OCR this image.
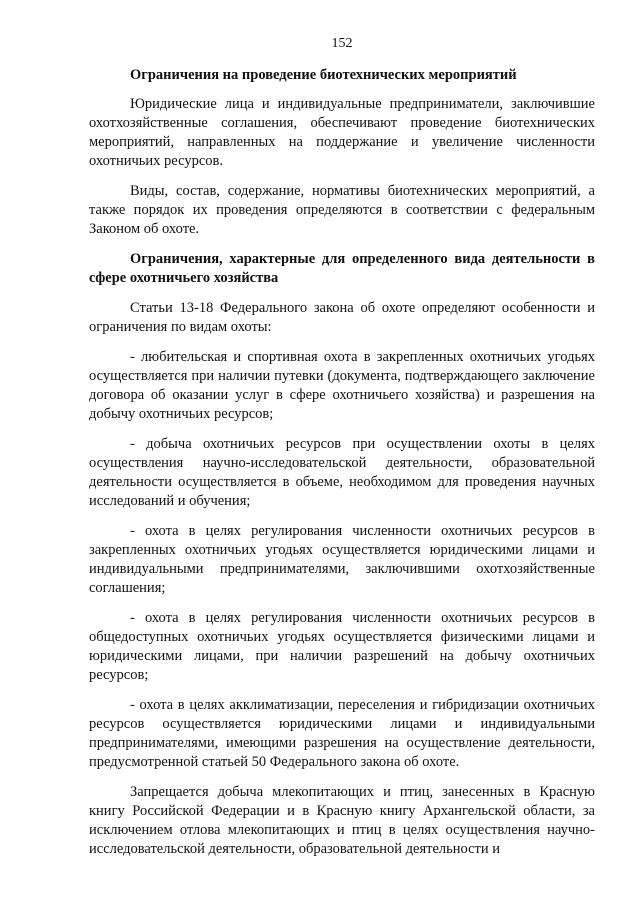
152

Ограничения на проведение биотехнических мероприятий

Юридические лица и индивидуальные предприниматели, заключившие охотхозяйственные соглашения, обеспечивают проведение биотехнических мероприятий, направленных на поддержание и увеличение численности охотничьих ресурсов.

Виды, состав, содержание, нормативы биотехнических мероприятий, а также порядок их проведения определяются в соответствии с федеральным Законом об охоте.

Ограничения, характерные для определенного вида деятельности в сфере охотничьего хозяйства

Статьи 13-18 Федерального закона об охоте определяют особенности и ограничения по видам охоты:

- любительская и спортивная охота в закрепленных охотничьих угодьях осуществляется при наличии путевки (документа, подтверждающего заключение договора об оказании услуг в сфере охотничьего хозяйства) и разрешения на добычу охотничьих ресурсов;

- добыча охотничьих ресурсов при осуществлении охоты в целях осуществления научно-исследовательской деятельности, образовательной деятельности осуществляется в объеме, необходимом для проведения научных исследований и обучения;

- охота в целях регулирования численности охотничьих ресурсов в закрепленных охотничьих угодьях осуществляется юридическими лицами и индивидуальными предпринимателями, заключившими охотхозяйственные соглашения;

- охота в целях регулирования численности охотничьих ресурсов в общедоступных охотничьих угодьях осуществляется физическими лицами и юридическими лицами, при наличии разрешений на добычу охотничьих ресурсов;

- охота в целях акклиматизации, переселения и гибридизации охотничьих ресурсов осуществляется юридическими лицами и индивидуальными предпринимателями, имеющими разрешения на осуществление деятельности, предусмотренной статьей 50 Федерального закона об охоте.

Запрещается добыча млекопитающих и птиц, занесенных в Красную книгу Российской Федерации и в Красную книгу Архангельской области, за исключением отлова млекопитающих и птиц в целях осуществления научно-исследовательской деятельности, образовательной деятельности и
